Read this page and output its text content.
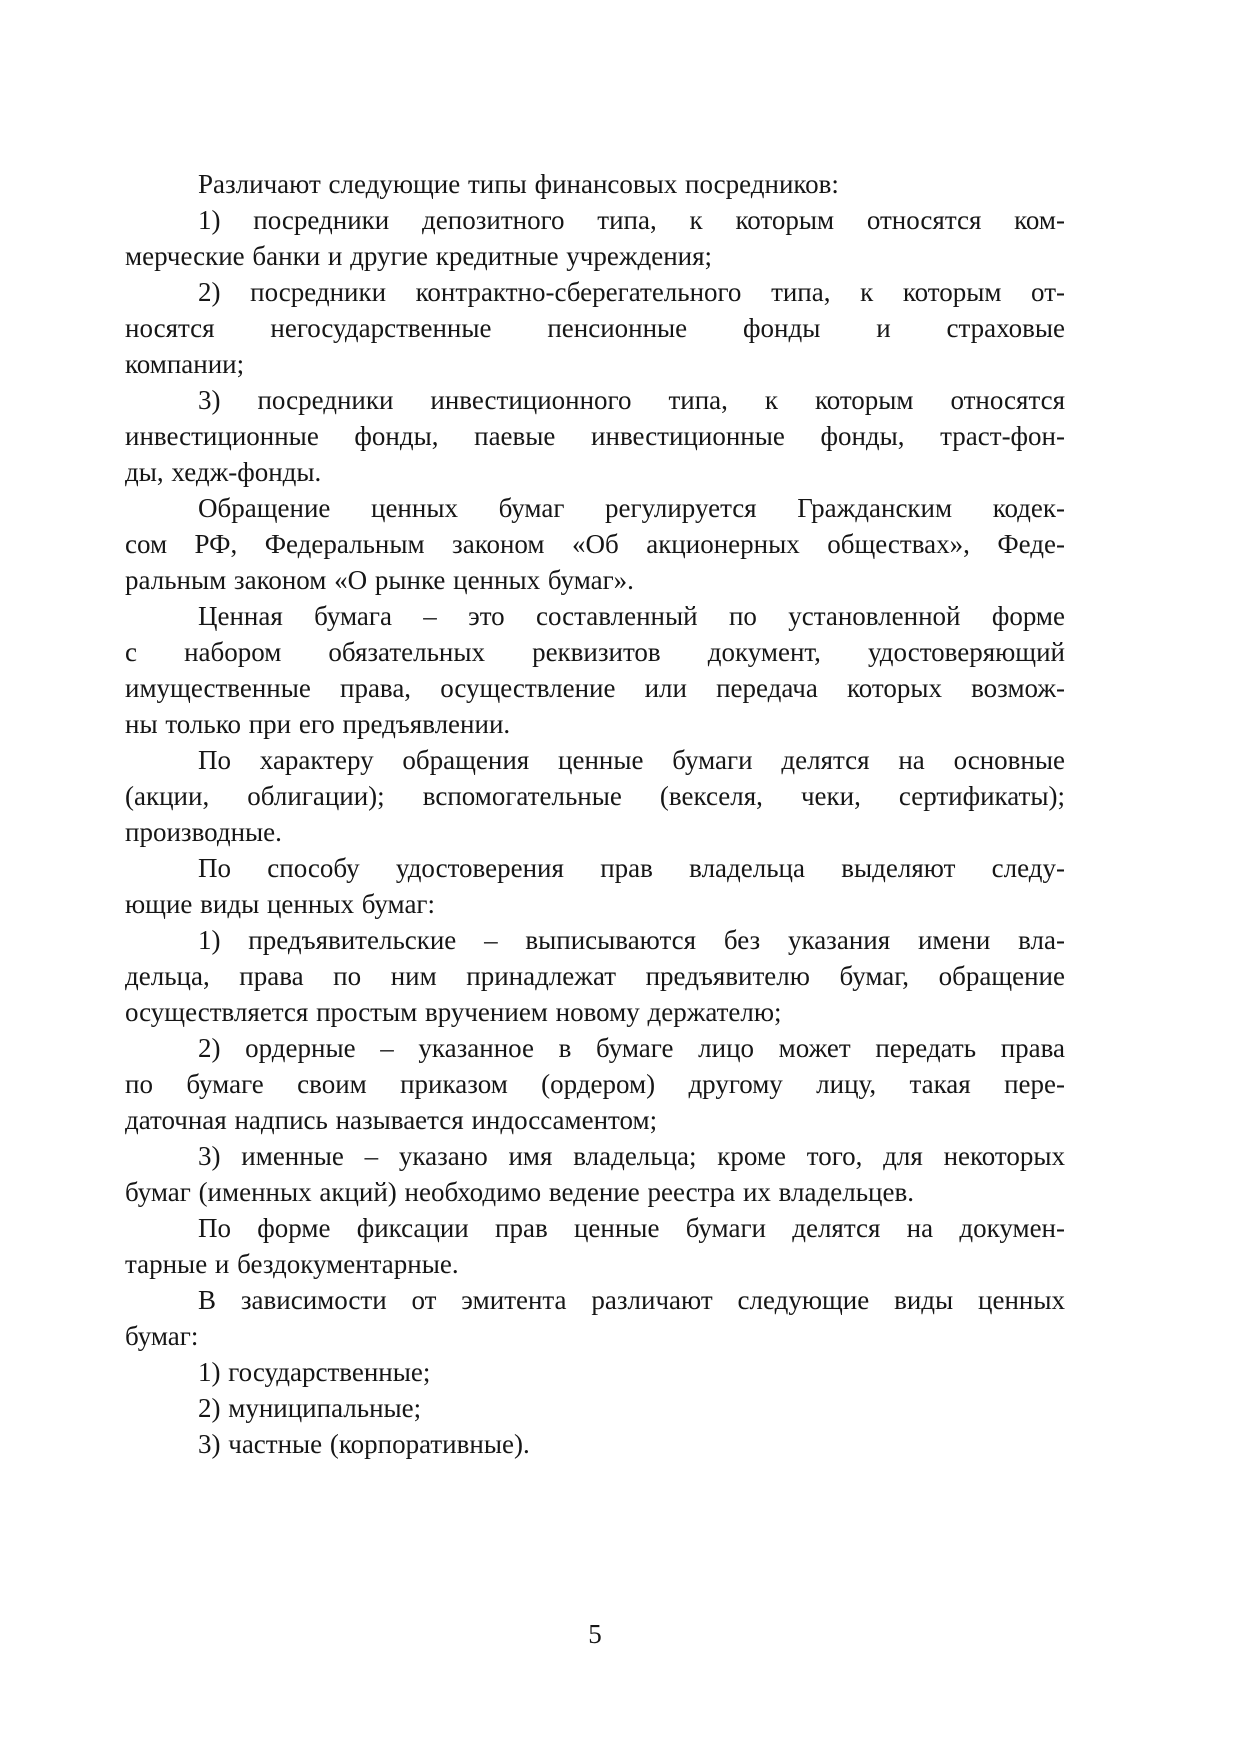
Различают следующие типы финансовых посредников:
1) посредники депозитного типа, к которым относятся ком-
мерческие банки и другие кредитные учреждения;
2) посредники контрактно-сберегательного типа, к которым от-
носятся негосударственные пенсионные фонды и страховые
компании;
3) посредники инвестиционного типа, к которым относятся
инвестиционные фонды, паевые инвестиционные фонды, траст-фон-
ды, хедж-фонды.
Обращение ценных бумаг регулируется Гражданским кодек-
сом РФ, Федеральным законом «Об акционерных обществах», Феде-
ральным законом «О рынке ценных бумаг».
Ценная бумага – это составленный по установленной форме
с набором обязательных реквизитов документ, удостоверяющий
имущественные права, осуществление или передача которых возмож-
ны только при его предъявлении.
По характеру обращения ценные бумаги делятся на основные
(акции, облигации); вспомогательные (векселя, чеки, сертификаты);
производные.
По способу удостоверения прав владельца выделяют следу-
ющие виды ценных бумаг:
1) предъявительские – выписываются без указания имени вла-
дельца, права по ним принадлежат предъявителю бумаг, обращение
осуществляется простым вручением новому держателю;
2) ордерные – указанное в бумаге лицо может передать права
по бумаге своим приказом (ордером) другому лицу, такая пере-
даточная надпись называется индоссаментом;
3) именные – указано имя владельца; кроме того, для некоторых
бумаг (именных акций) необходимо ведение реестра их владельцев.
По форме фиксации прав ценные бумаги делятся на докумен-
тарные и бездокументарные.
В зависимости от эмитента различают следующие виды ценных
бумаг:
1) государственные;
2) муниципальные;
3) частные (корпоративные).
5
